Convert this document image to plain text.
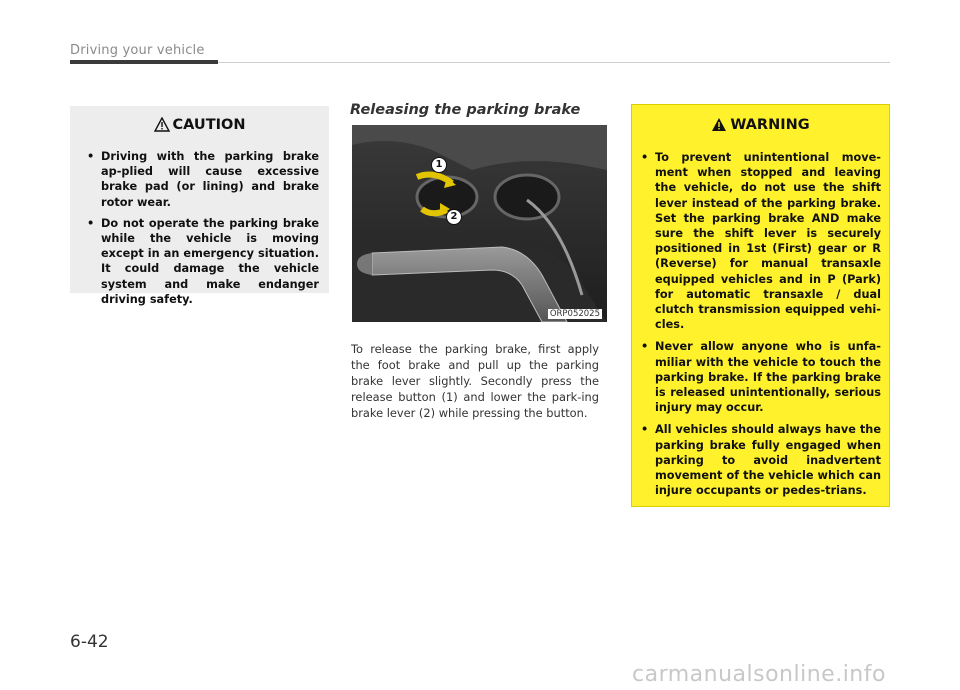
Driving your vehicle
CAUTION
• Driving with the parking brake ap-plied will cause excessive brake pad (or lining) and brake rotor wear.
• Do not operate the parking brake while the vehicle is moving except in an emergency situation. It could damage the vehicle system and make endanger driving safety.
Releasing the parking brake
1
2
ORP052025

To release the parking brake, first apply the foot brake and pull up the parking brake lever slightly. Secondly press the release button (1) and lower the park-ing brake lever (2) while pressing the button.

WARNING
• To prevent unintentional move-ment when stopped and leaving the vehicle, do not use the shift lever instead of the parking brake. Set the parking brake AND make sure the shift lever is securely positioned in 1st (First) gear or R (Reverse) for manual transaxle equipped vehicles and in P (Park) for automatic transaxle / dual clutch transmission equipped vehi-cles.
• Never allow anyone who is unfa-miliar with the vehicle to touch the parking brake. If the parking brake is released unintentionally, serious injury may occur.
• All vehicles should always have the parking brake fully engaged when parking to avoid inadvertent movement of the vehicle which can injure occupants or pedes-trians.
6-42
carmanualsonline.info
